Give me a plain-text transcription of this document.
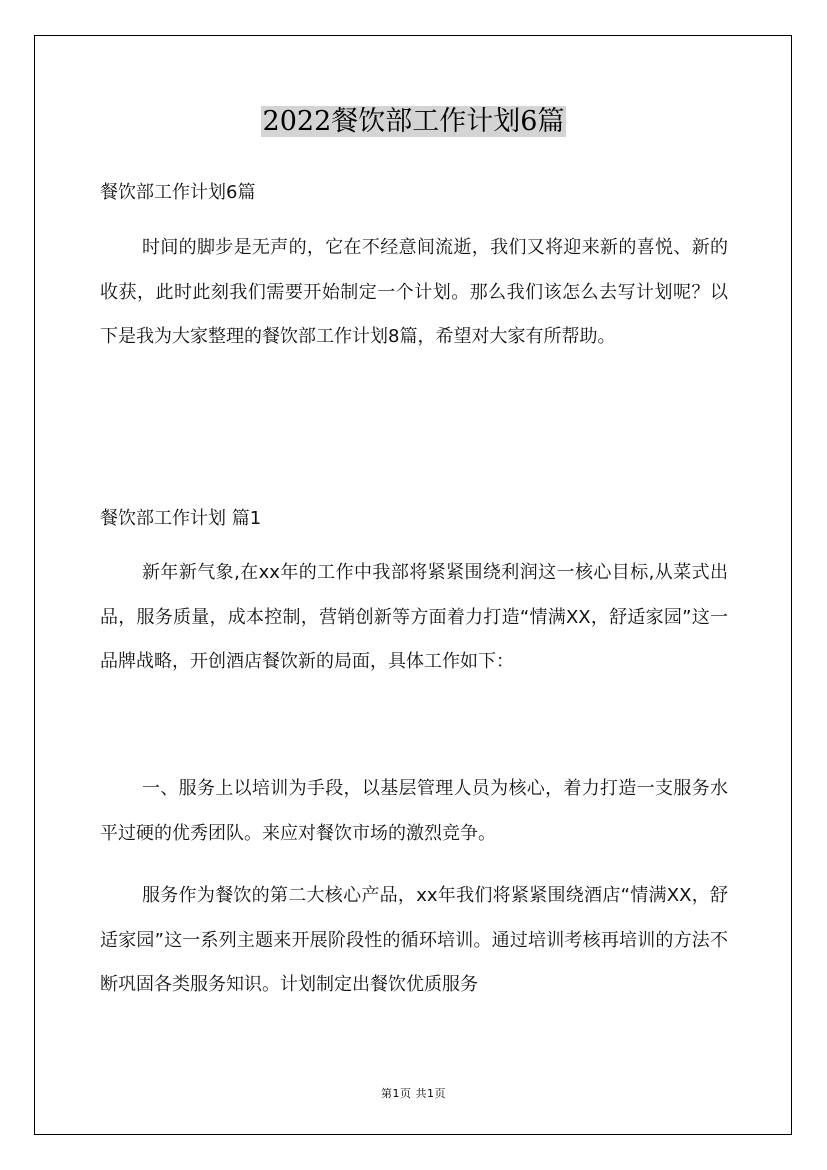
2022餐饮部工作计划6篇

餐饮部工作计划6篇

时间的脚步是无声的，它在不经意间流逝，我们又将迎来新的喜悦、新的收获，此时此刻我们需要开始制定一个计划。那么我们该怎么去写计划呢？以下是我为大家整理的餐饮部工作计划8篇，希望对大家有所帮助。

餐饮部工作计划 篇1

新年新气象,在xx年的工作中我部将紧紧围绕利润这一核心目标,从菜式出品，服务质量，成本控制，营销创新等方面着力打造“情满XX，舒适家园”这一品牌战略，开创酒店餐饮新的局面，具体工作如下：

一、服务上以培训为手段，以基层管理人员为核心，着力打造一支服务水平过硬的优秀团队。来应对餐饮市场的激烈竞争。

服务作为餐饮的第二大核心产品，xx年我们将紧紧围绕酒店“情满XX，舒适家园”这一系列主题来开展阶段性的循环培训。通过培训考核再培训的方法不断巩固各类服务知识。计划制定出餐饮优质服务

第1页 共1页
